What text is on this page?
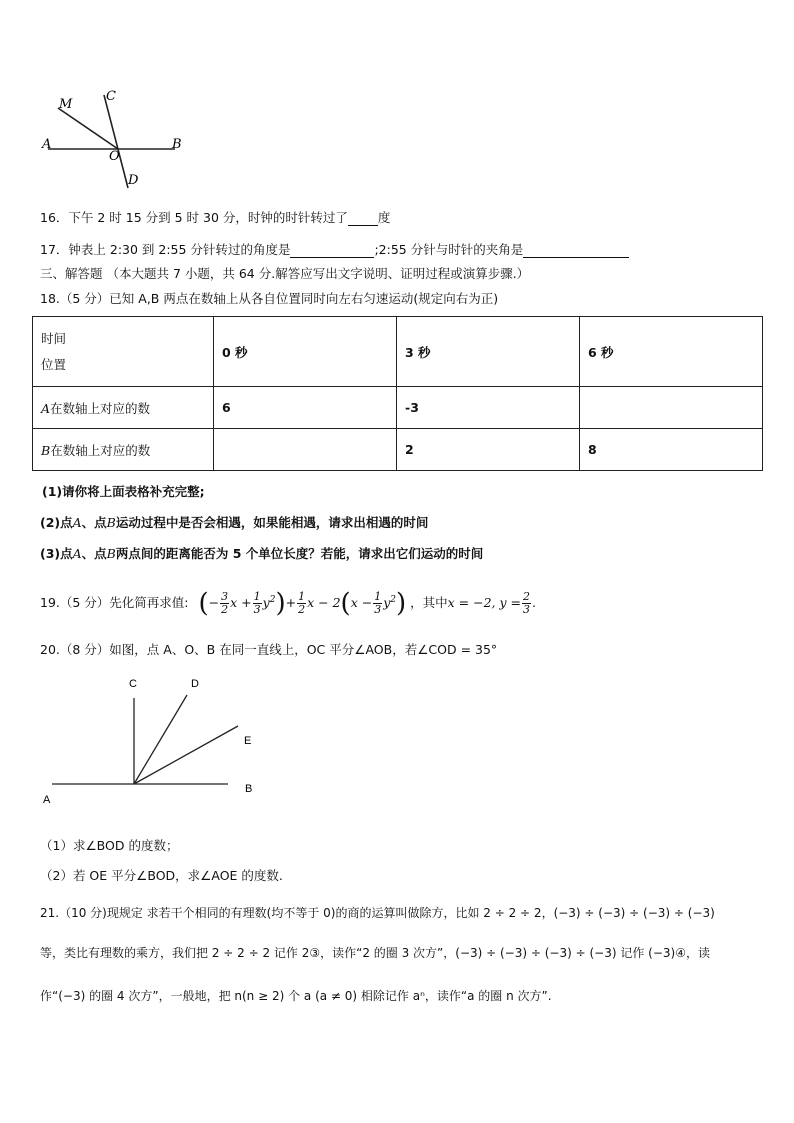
M
C
A
O
B
D
16．下午 2 时 15 分到 5 时 30 分，时钟的时针转过了 度
17．钟表上 2:30 到 2:55 分针转过的角度是	;2:55 分针与时针的夹角是
三、解答题 （本大题共 7 小题，共 64 分.解答应写出文字说明、证明过程或演算步骤.）
18.（5 分）已知 A,B 两点在数轴上从各自位置同时向左右匀速运动(规定向右为正)
时间
位置	0 秒	3 秒	6 秒
A在数轴上对应的数	6	-3	
B在数轴上对应的数		2	8
(1)请你将上面表格补充完整;
(2)点A、点B运动过程中是否会相遇，如果能相遇，请求出相遇的时间
(3)点A、点B两点间的距离能否为 5 个单位长度？若能，请求出它们运动的时间
19.（5 分）先化简再求值: (− $\frac{3}{2}$ $x + \frac{1}{3} y^2)+ \frac{1}{2}$ $x - 2(x - \frac{1}{3} y^2)$ ，其中x = −2, $y = \frac{2}{3}$ .
20.（8 分）如图，点 A、O、B 在同一直线上，OC 平分∠AOB，若∠COD = 35°
C	D
E
A
B
（1）求∠BOD 的度数；
（2）若 OE 平分∠BOD，求∠AOE 的度数.
21.（10 分)现规定 求若干个相同的有理数(均不等于 0)的商的运算叫做除方，比如 2 ÷ 2 ÷ 2，(−3) ÷ (−3) ÷ (−3) ÷ (−3)
等，类比有理数的乘方，我们把 2 ÷ 2 ÷ 2 记作 2③，读作“2 的圈 3 次方”，(−3) ÷ (−3) ÷ (−3) ÷ (−3) 记作 (−3)④，读
作“(−3) 的圈 4 次方”，一般地，把 n(n ≥ 2) 个 a (a ≠ 0) 相除记作 aⁿ，读作“a 的圈 n 次方”.
